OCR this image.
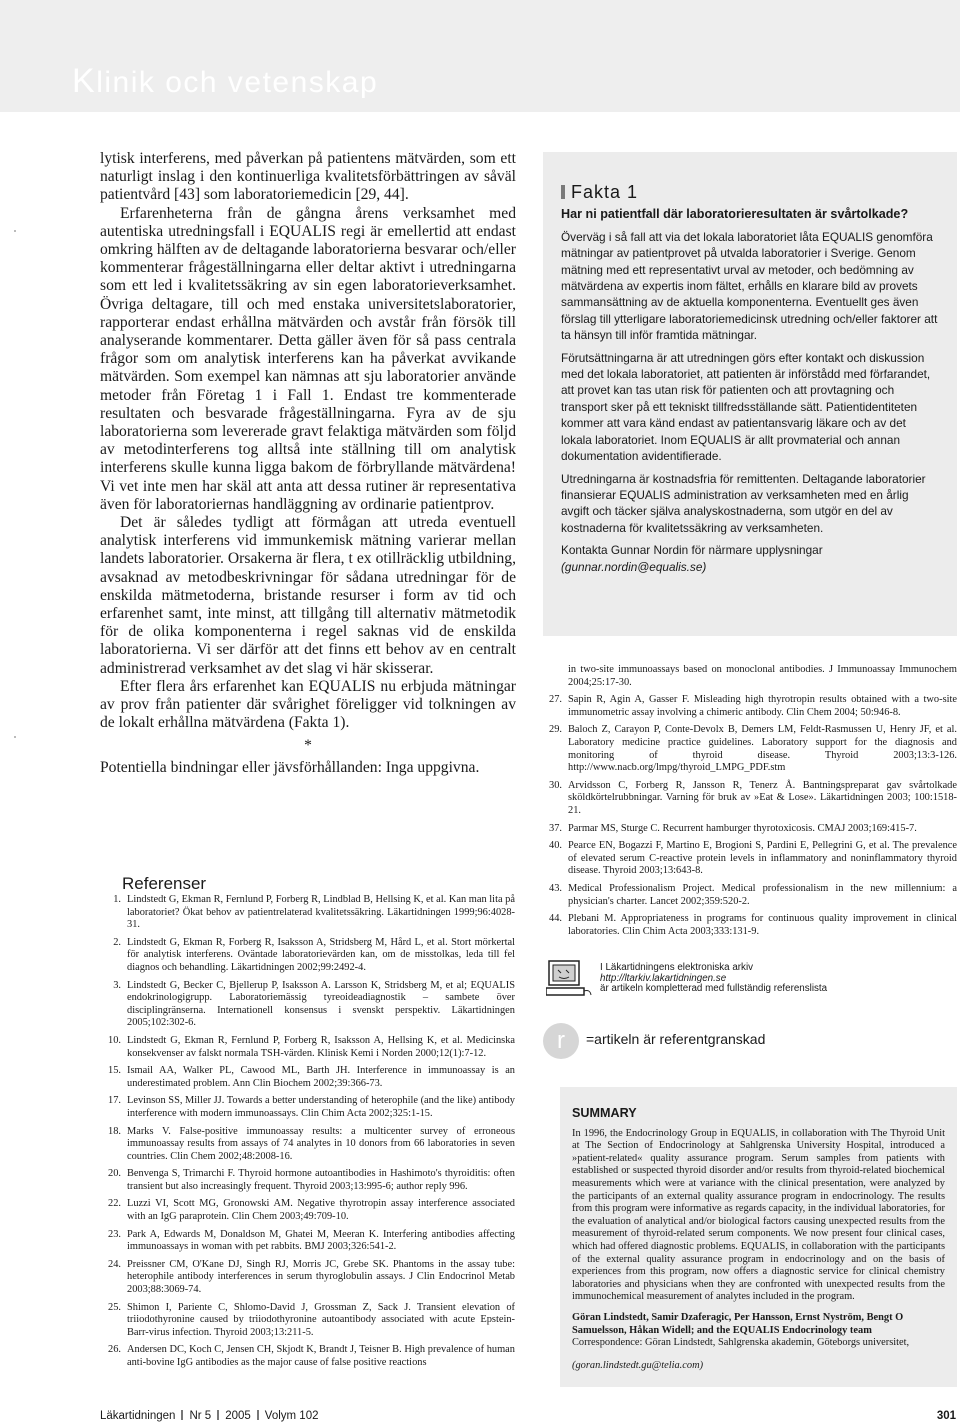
Klinik och vetenskap

lytisk interferens, med påverkan på patientens mätvärden, som ett naturligt inslag i den kontinuerliga kvalitetsförbättringen av såväl patientvård [43] som laboratoriemedicin [29, 44].

Erfarenheterna från de gångna årens verksamhet med autentiska utredningsfall i EQUALIS regi är emellertid att endast omkring hälften av de deltagande laboratorierna besvarar och/eller kommenterar frågeställningarna eller deltar aktivt i utredningarna som ett led i kvalitetssäkring av sin egen laboratorieverksamhet. Övriga deltagare, till och med enstaka universitetslaboratorier, rapporterar endast erhållna mätvärden och avstår från försök till analyserande kommentarer. Detta gäller även för så pass centrala frågor som om analytisk interferens kan ha påverkat avvikande mätvärden. Som exempel kan nämnas att sju laboratorier använde metoder från Företag 1 i Fall 1. Endast tre kommenterade resultaten och besvarade frågeställningarna. Fyra av de sju laboratorierna som levererade gravt felaktiga mätvärden som följd av metodinterferens tog alltså inte ställning till om analytisk interferens skulle kunna ligga bakom de förbryllande mätvärdena! Vi vet inte men har skäl att anta att dessa rutiner är representativa även för laboratoriernas handläggning av ordinarie patientprov.

Det är således tydligt att förmågan att utreda eventuell analytisk interferens vid immunkemisk mätning varierar mellan landets laboratorier. Orsakerna är flera, t ex otillräcklig utbildning, avsaknad av metodbeskrivningar för sådana utredningar för de enskilda mätmetoderna, bristande resurser i form av tid och erfarenhet samt, inte minst, att tillgång till alternativ mätmetodik för de olika komponenterna i regel saknas vid de enskilda laboratorierna. Vi ser därför att det finns ett behov av en centralt administrerad verksamhet av det slag vi här skisserar.

Efter flera års erfarenhet kan EQUALIS nu erbjuda mätningar av prov från patienter där svårighet föreligger vid tolkningen av de lokalt erhållna mätvärdena (Fakta 1).

*

Potentiella bindningar eller jävsförhållanden: Inga uppgivna.

Referenser
1. Lindstedt G, Ekman R, Fernlund P, Forberg R, Lindblad B, Hellsing K, et al. Kan man lita på laboratoriet? Ökat behov av patientrelaterad kvalitetssäkring. Läkartidningen 1999;96:4028-31.
2. Lindstedt G, Ekman R, Forberg R, Isaksson A, Stridsberg M, Hård L, et al. Stort mörkertal för analytisk interferens. Oväntade laboratorievärden kan, om de misstolkas, leda till fel diagnos och behandling. Läkartidningen 2002;99:2492-4.
3. Lindstedt G, Becker C, Bjellerup P, Isaksson A. Larsson K, Stridsberg M, et al; EQUALIS endokrinologigrupp. Laboratoriemässig tyreoideadiagnostik – sambete över disciplingränserna. Internationell konsensus i svenskt perspektiv. Läkartidningen 2005;102:302-6.
10. Lindstedt G, Ekman R, Fernlund P, Forberg R, Isaksson A, Hellsing K, et al. Medicinska konsekvenser av falskt normala TSH-värden. Klinisk Kemi i Norden 2000;12(1):7-12.
15. Ismail AA, Walker PL, Cawood ML, Barth JH. Interference in immunoassay is an underestimated problem. Ann Clin Biochem 2002;39:366-73.
17. Levinson SS, Miller JJ. Towards a better understanding of heterophile (and the like) antibody interference with modern immunoassays. Clin Chim Acta 2002;325:1-15.
18. Marks V. False-positive immunoassay results: a multicenter survey of erroneous immunoassay results from assays of 74 analytes in 10 donors from 66 laboratories in seven countries. Clin Chem 2002;48:2008-16.
20. Benvenga S, Trimarchi F. Thyroid hormone autoantibodies in Hashimoto's thyroiditis: often transient but also increasingly frequent. Thyroid 2003;13:995-6; author reply 996.
22. Luzzi VI, Scott MG, Gronowski AM. Negative thyrotropin assay interference associated with an IgG paraprotein. Clin Chem 2003;49:709-10.
23. Park A, Edwards M, Donaldson M, Ghatei M, Meeran K. Interfering antibodies affecting immunoassays in woman with pet rabbits. BMJ 2003;326:541-2.
24. Preissner CM, O'Kane DJ, Singh RJ, Morris JC, Grebe SK. Phantoms in the assay tube: heterophile antibody interferences in serum thyroglobulin assays. J Clin Endocrinol Metab 2003;88:3069-74.
25. Shimon I, Pariente C, Shlomo-David J, Grossman Z, Sack J. Transient elevation of triiodothyronine caused by triiodothyronine autoantibody associated with acute Epstein-Barr-virus infection. Thyroid 2003;13:211-5.
26. Andersen DC, Koch C, Jensen CH, Skjodt K, Brandt J, Teisner B. High prevalence of human anti-bovine IgG antibodies as the major cause of false positive reactions
Fakta 1

Har ni patientfall där laboratorieresultaten är svårtolkade?

Överväg i så fall att via det lokala laboratoriet låta EQUALIS genomföra mätningar av patientprovet på utvalda laboratorier i Sverige. Genom mätning med ett representativt urval av metoder, och bedömning av mätvärdena av expertis inom fältet, erhålls en klarare bild av provets sammansättning av de aktuella komponenterna. Eventuellt ges även förslag till ytterligare laboratoriemedicinsk utredning och/eller faktorer att ta hänsyn till inför framtida mätningar.

Förutsättningarna är att utredningen görs efter kontakt och diskussion med det lokala laboratoriet, att patienten är införstådd med förfarandet, att provet kan tas utan risk för patienten och att provtagning och transport sker på ett tekniskt tillfredsställande sätt. Patientidentiteten kommer att vara känd endast av patientansvarig läkare och av det lokala laboratoriet. Inom EQUALIS är allt provmaterial och annan dokumentation avidentifierade.

Utredningarna är kostnadsfria för remittenten. Deltagande laboratorier finansierar EQUALIS administration av verksamheten med en årlig avgift och täcker själva analyskostnaderna, som utgör en del av kostnaderna för kvalitetssäkring av verksamheten.

Kontakta Gunnar Nordin för närmare upplysningar

(gunnar.nordin@equalis.se)

in two-site immunoassays based on monoclonal antibodies. J Immunoassay Immunochem 2004;25:17-30.
27. Sapin R, Agin A, Gasser F. Misleading high thyrotropin results obtained with a two-site immunometric assay involving a chimeric antibody. Clin Chem 2004; 50:946-8.
29. Baloch Z, Carayon P, Conte-Devolx B, Demers LM, Feldt-Rasmussen U, Henry JF, et al. Laboratory medicine practice guidelines. Laboratory support for the diagnosis and monitoring of thyroid disease. Thyroid 2003;13:3-126. http://www.nacb.org/lmpg/thyroid_LMPG_PDF.stm
30. Arvidsson C, Forberg R, Jansson R, Tenerz Å. Bantningspreparat gav svårtolkade sköldkörtelrubbningar. Varning för bruk av »Eat & Lose». Läkartidningen 2003; 100:1518-21.
37. Parmar MS, Sturge C. Recurrent hamburger thyrotoxicosis. CMAJ 2003;169:415-7.
40. Pearce EN, Bogazzi F, Martino E, Brogioni S, Pardini E, Pellegrini G, et al. The prevalence of elevated serum C-reactive protein levels in inflammatory and noninflammatory thyroid disease. Thyroid 2003;13:643-8.
43. Medical Professionalism Project. Medical professionalism in the new millennium: a physician's charter. Lancet 2002;359:520-2.
44. Plebani M. Appropriateness in programs for continuous quality improvement in clinical laboratories. Clin Chim Acta 2003;333:131-9.
I Läkartidningens elektroniska arkiv
http://ltarkiv.lakartidningen.se
är artikeln kompletterad med fullständig referenslista
r	=artikeln är referentgranskad

SUMMARY

In 1996, the Endocrinology Group in EQUALIS, in collaboration with The Thyroid Unit at The Section of Endocrinology at Sahlgrenska University Hospital, introduced a »patient-related« quality assurance program. Serum samples from patients with established or suspected thyroid disorder and/or results from thyroid-related biochemical measurements which were at variance with the clinical presentation, were analyzed by the participants of an external quality assurance program in endocrinology. The results from this program were informative as regards capacity, in the individual laboratories, for the evaluation of analytical and/or biological factors causing unexpected results from the measurement of thyroid-related serum components. We now present four clinical cases, which had offered diagnostic problems. EQUALIS, in collaboration with the participants of the external quality assurance program in endocrinology and on the basis of experiences from this program, now offers a diagnostic service for clinical chemistry laboratories and physicians when they are confronted with unexpected results from the immunochemical measurement of analytes included in the program.

Göran Lindstedt, Samir Dzaferagic, Per Hansson, Ernst Nyström, Bengt O Samuelsson, Håkan Widell; and the EQUALIS Endocrinology team

Correspondence: Göran Lindstedt, Sahlgrenska akademin, Göteborgs universitet,

(goran.lindstedt.gu@telia.com)

Läkartidningen Nr 5 2005 Volym 102	301
